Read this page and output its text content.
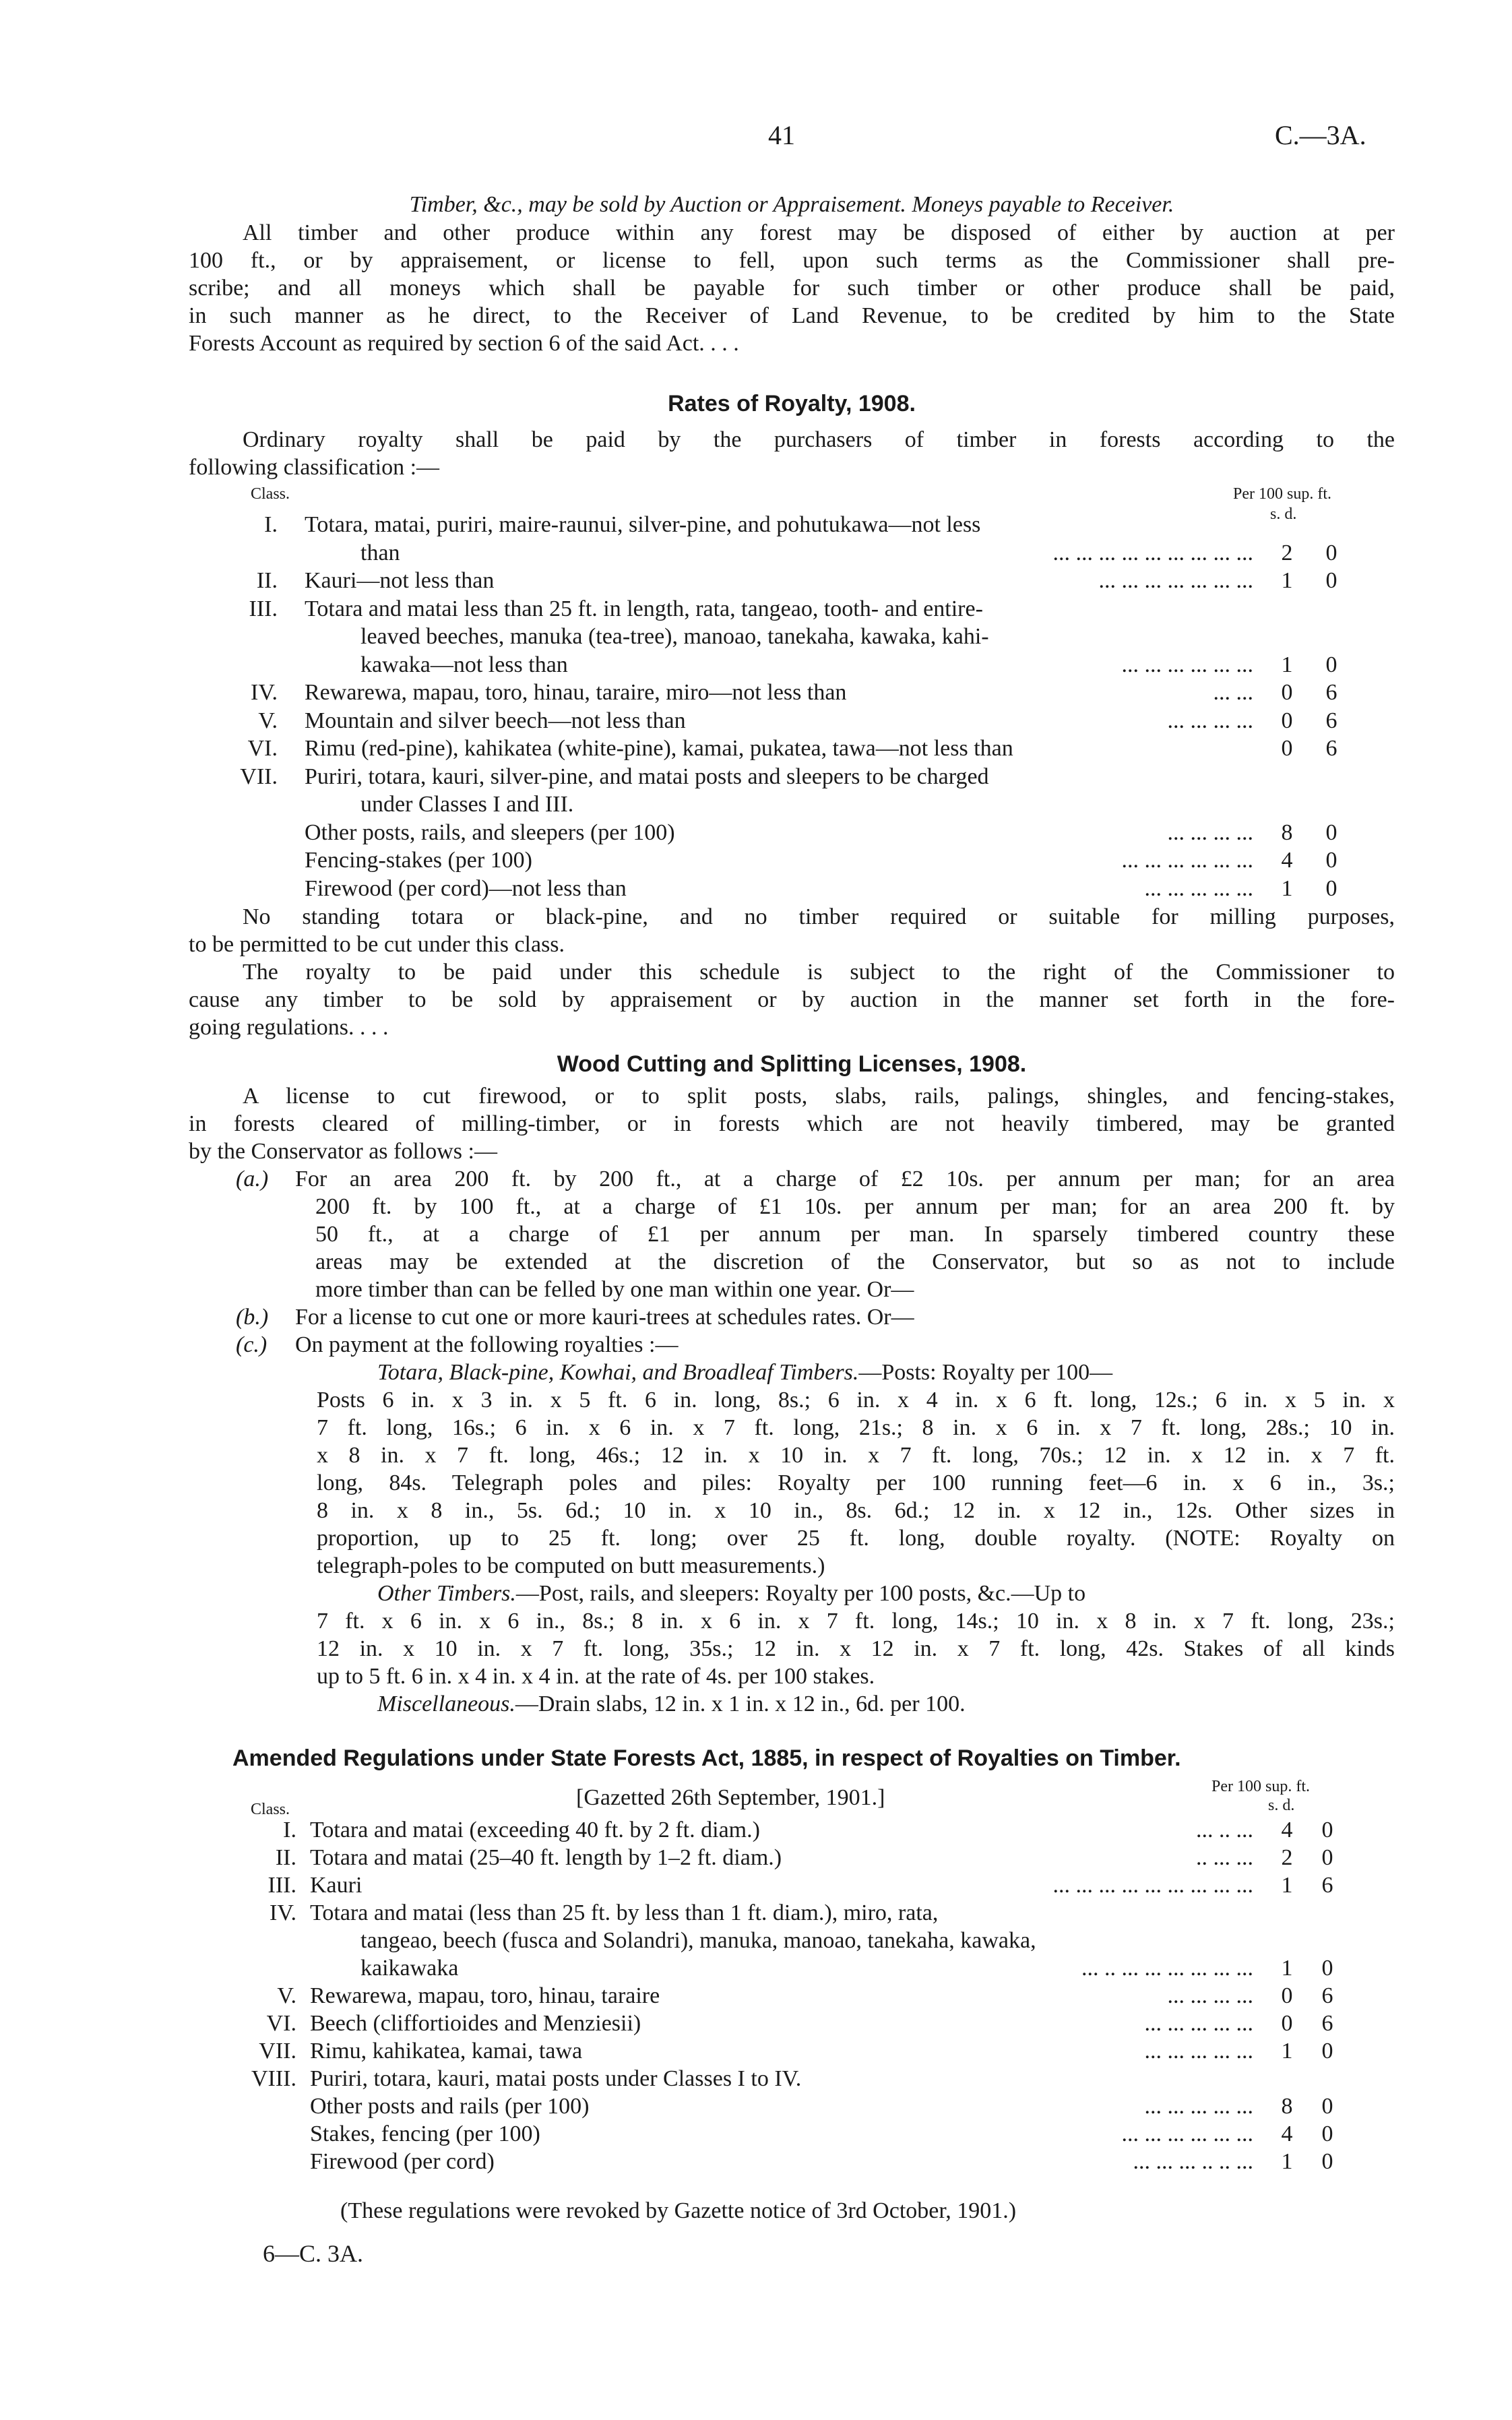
41	C.—3A.
Timber, &c., may be sold by Auction or Appraisement. Moneys payable to Receiver.
All timber and other produce within any forest may be disposed of either by auction at per
100 ft., or by appraisement, or license to fell, upon such terms as the Commissioner shall pre-
scribe; and all moneys which shall be payable for such timber or other produce shall be paid,
in such manner as he direct, to the Receiver of Land Revenue, to be credited by him to the State
Forests Account as required by section 6 of the said Act. . . .
Rates of Royalty, 1908.
Ordinary royalty shall be paid by the purchasers of timber in forests according to the
following classification :—
Class.	Per 100 sup. ft.
s. d.
I. Totara, matai, puriri, maire-raunui, silver-pine, and pohutukawa—not less
than	... ... ... ... ... ... ... ... ...	2	0
II. Kauri—not less than	... ... ... ... ... ... ...	1	0
III. Totara and matai less than 25 ft. in length, rata, tangeao, tooth- and entire-
leaved beeches, manuka (tea-tree), manoao, tanekaha, kawaka, kahi-
kawaka—not less than	... ... ... ... ... ...	1	0
IV. Rewarewa, mapau, toro, hinau, taraire, miro—not less than	... ...	0	6
V. Mountain and silver beech—not less than	... ... ... ...	0	6
VI. Rimu (red-pine), kahikatea (white-pine), kamai, pukatea, tawa—not less than	0	6
VII. Puriri, totara, kauri, silver-pine, and matai posts and sleepers to be charged
under Classes I and III.
Other posts, rails, and sleepers (per 100)	... ... ... ...	8	0
Fencing-stakes (per 100)	... ... ... ... ... ...	4	0
Firewood (per cord)—not less than	... ... ... ... ...	1	0
No standing totara or black-pine, and no timber required or suitable for milling purposes,
to be permitted to be cut under this class.
The royalty to be paid under this schedule is subject to the right of the Commissioner to
cause any timber to be sold by appraisement or by auction in the manner set forth in the fore-
going regulations. . . .
Wood Cutting and Splitting Licenses, 1908.
A license to cut firewood, or to split posts, slabs, rails, palings, shingles, and fencing-stakes,
in forests cleared of milling-timber, or in forests which are not heavily timbered, may be granted
by the Conservator as follows :—
(a.) For an area 200 ft. by 200 ft., at a charge of £2 10s. per annum per man; for an area
200 ft. by 100 ft., at a charge of £1 10s. per annum per man; for an area 200 ft. by
50 ft., at a charge of £1 per annum per man. In sparsely timbered country these
areas may be extended at the discretion of the Conservator, but so as not to include
more timber than can be felled by one man within one year. Or—
(b.) For a license to cut one or more kauri-trees at schedules rates. Or—
(c.) On payment at the following royalties :—
Totara, Black-pine, Kowhai, and Broadleaf Timbers.—Posts: Royalty per 100—
Posts 6 in. x 3 in. x 5 ft. 6 in. long, 8s.; 6 in. x 4 in. x 6 ft. long, 12s.; 6 in. x 5 in. x
7 ft. long, 16s.; 6 in. x 6 in. x 7 ft. long, 21s.; 8 in. x 6 in. x 7 ft. long, 28s.; 10 in.
x 8 in. x 7 ft. long, 46s.; 12 in. x 10 in. x 7 ft. long, 70s.; 12 in. x 12 in. x 7 ft.
long, 84s. Telegraph poles and piles: Royalty per 100 running feet—6 in. x 6 in., 3s.;
8 in. x 8 in., 5s. 6d.; 10 in. x 10 in., 8s. 6d.; 12 in. x 12 in., 12s. Other sizes in
proportion, up to 25 ft. long; over 25 ft. long, double royalty. (NOTE: Royalty on
telegraph-poles to be computed on butt measurements.)
Other Timbers.—Post, rails, and sleepers: Royalty per 100 posts, &c.—Up to
7 ft. x 6 in. x 6 in., 8s.; 8 in. x 6 in. x 7 ft. long, 14s.; 10 in. x 8 in. x 7 ft. long, 23s.;
12 in. x 10 in. x 7 ft. long, 35s.; 12 in. x 12 in. x 7 ft. long, 42s. Stakes of all kinds
up to 5 ft. 6 in. x 4 in. x 4 in. at the rate of 4s. per 100 stakes.
Miscellaneous.—Drain slabs, 12 in. x 1 in. x 12 in., 6d. per 100.
Amended Regulations under State Forests Act, 1885, in respect of Royalties on Timber.
[Gazetted 26th September, 1901.]
Class.
Per 100 sup. ft.
s. d.
I. Totara and matai (exceeding 40 ft. by 2 ft. diam.)	... .. ...	4	0
II. Totara and matai (25–40 ft. length by 1–2 ft. diam.)	.. ... ...	2	0
III. Kauri	... ... ... ... ... ... ... ... ...	1	6
IV. Totara and matai (less than 25 ft. by less than 1 ft. diam.), miro, rata,
tangeao, beech (fusca and Solandri), manuka, manoao, tanekaha, kawaka,
kaikawaka	... .. ... ... ... ... ... ...	1	0
V. Rewarewa, mapau, toro, hinau, taraire	... ... ... ...	0	6
VI. Beech (cliffortioides and Menziesii)	... ... ... ... ...	0	6
VII. Rimu, kahikatea, kamai, tawa	... ... ... ... ...	1	0
VIII. Puriri, totara, kauri, matai posts under Classes I to IV.
Other posts and rails (per 100)	... ... ... ... ...	8	0
Stakes, fencing (per 100)	... ... ... ... ... ...	4	0
Firewood (per cord)	... ... ... .. .. ...	1	0
(These regulations were revoked by Gazette notice of 3rd October, 1901.)
6—C. 3A.
